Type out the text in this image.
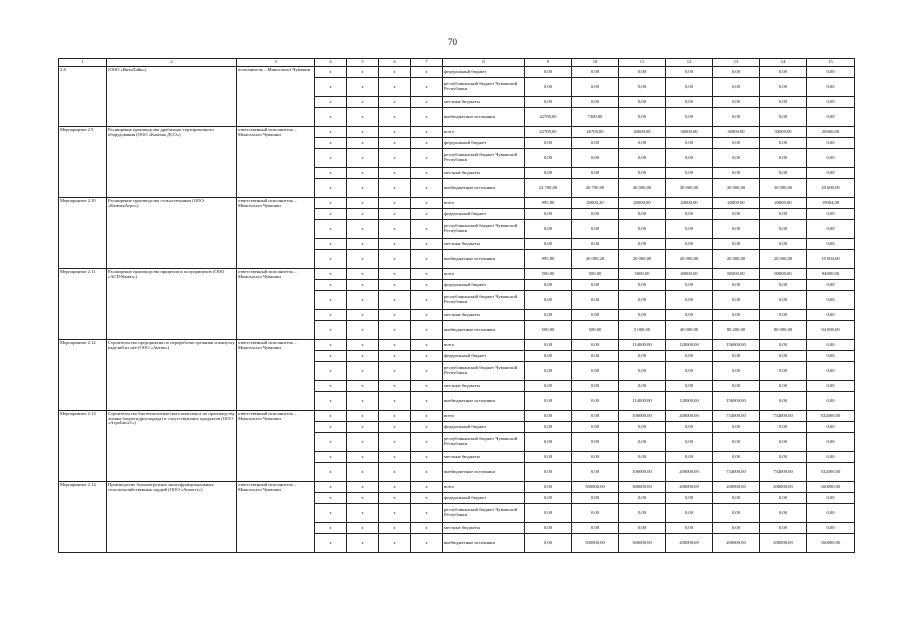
70
1	2	3	4	5	6	7	8	9	10	11	12	13	14	15
2.8	(ООО «ВитаЛайн»)	исполнитель – Минсельхоз Чувашии	х	х	х	х	федеральный бюджет	0,00	0,00	0,00	0,00	0,00	0,00	0,00
			х	х	х	х	республиканский бюджет Чувашской Республики	0,00	0,00	0,00	0,00	0,00	0,00	0,00
			х	х	х	х	местные бюджеты	0,00	0,00	0,00	0,00	0,00	0,00	0,00
			х	х	х	х	внебюджетные источники	42700,00	7300,00	0,00	0,00	0,00	0,00	0,00
Мероприятие 2.9	Расширение производства дробильно-сортировочного оборудования (ООО «Камзаж ДСО»)	ответственный исполнитель – Минсельхоз Чувашии	х	х	х	х	всего	22700,00	26700,00	40000,00	30000,00	30000,00	30000,00	20600,00
			х	х	х	х	федеральный бюджет	0,00	0,00	0,00	0,00	0,00	0,00	0,00
			х	х	х	х	республиканский бюджет Чувашской Республики	0,00	0,00	0,00	0,00	0,00	0,00	0,00
			х	х	х	х	местные бюджеты	0,00	0,00	0,00	0,00	0,00	0,00	0,00
			х	х	х	х	внебюджетные источники	22 700,00	26 700,00	40 000,00	30 000,00	30 000,00	30 000,00	20 600,00
Мероприятие 2.10	Расширение производства сельхозтехники (ООО «КамчакАгро»)	ответственный исполнитель – Минсельхоз Чувашии	х	х	х	х	всего	995,80	20000,20	20000,00	20000,00	20000,00	20000,00	19004,00
			х	х	х	х	федеральный бюджет	0,00	0,00	0,00	0,00	0,00	0,00	0,00
			х	х	х	х	республиканский бюджет Чувашской Республики	0,00	0,00	0,00	0,00	0,00	0,00	0,00
			х	х	х	х	местные бюджеты	0,00	0,00	0,00	0,00	0,00	0,00	0,00
			х	х	х	х	внебюджетные источники	995,80	20 000,20	20 000,00	20 000,00	20 000,00	20 000,00	19 004,00
Мероприятие 2.11	Расширение производства прицепов и полуприцепов (ООО «АСП-Камаз»)	ответственный исполнитель – Минсельхоз Чувашии	х	х	х	х	всего	500,00	500,00	5000,00	40000,00	80200,00	80000,00	94000,00
			х	х	х	х	федеральный бюджет	0,00	0,00	0,00	0,00	0,00	0,00	0,00
			х	х	х	х	республиканский бюджет Чувашской Республики	0,00	0,00	0,00	0,00	0,00	0,00	0,00
			х	х	х	х	местные бюджеты	0,00	0,00	0,00	0,00	0,00	0,00	0,00
			х	х	х	х	внебюджетные источники	500,00	500,00	5 000,00	40 000,00	80 200,00	80 000,00	94 000,00
Мероприятие 2.12	Строительство предприятия по переработке органики и выпуску изделий из нее (ООО «Антик»)	ответственный исполнитель – Минсельхоз Чувашии	х	х	х	х	всего	0,00	0,00	114000,00	120000,00	156000,00	0,00	0,00
			х	х	х	х	федеральный бюджет	0,00	0,00	0,00	0,00	0,00	0,00	0,00
			х	х	х	х	республиканский бюджет Чувашской Республики	0,00	0,00	0,00	0,00	0,00	0,00	0,00
			х	х	х	х	местные бюджеты	0,00	0,00	0,00	0,00	0,00	0,00	0,00
			х	х	х	х	внебюджетные источники	0,00	0,00	114000,00	120000,00	156000,00	0,00	0,00
Мероприятие 2.13	Строительство биотехнологического комплекса по производству лизина (моногидрохлорида) и сопутствующих продуктов (ООО «АгроБио21»)	ответственный исполнитель – Минсельхоз Чувашии	х	х	х	х	всего	0,00	0,00	100000,00	200000,00	734000,00	734000,00	532000,00
			х	х	х	х	федеральный бюджет	0,00	0,00	0,00	0,00	0,00	0,00	0,00
			х	х	х	х	республиканский бюджет Чувашской Республики	0,00	0,00	0,00	0,00	0,00	0,00	0,00
			х	х	х	х	местные бюджеты	0,00	0,00	0,00	0,00	0,00	0,00	0,00
			х	х	х	х	внебюджетные источники	0,00	0,00	100000,00	200000,00	734000,00	734000,00	532000,00
Мероприятие 2.14	Производство большегрузных многофункциональных сельскохозяйственных орудий (ООО «Агавест»)	ответственный исполнитель – Минсельхоз Чувашии	х	х	х	х	всего	0,00	500000,00	300000,00	200000,00	200000,00	200000,00	160000,00
			х	х	х	х	федеральный бюджет	0,00	0,00	0,00	0,00	0,00	0,00	0,00
			х	х	х	х	республиканский бюджет Чувашской Республики	0,00	0,00	0,00	0,00	0,00	0,00	0,00
			х	х	х	х	местные бюджеты	0,00	0,00	0,00	0,00	0,00	0,00	0,00
			х	х	х	х	внебюджетные источники	0,00	500000,00	300000,00	200000,00	200000,00	200000,00	160000,00
